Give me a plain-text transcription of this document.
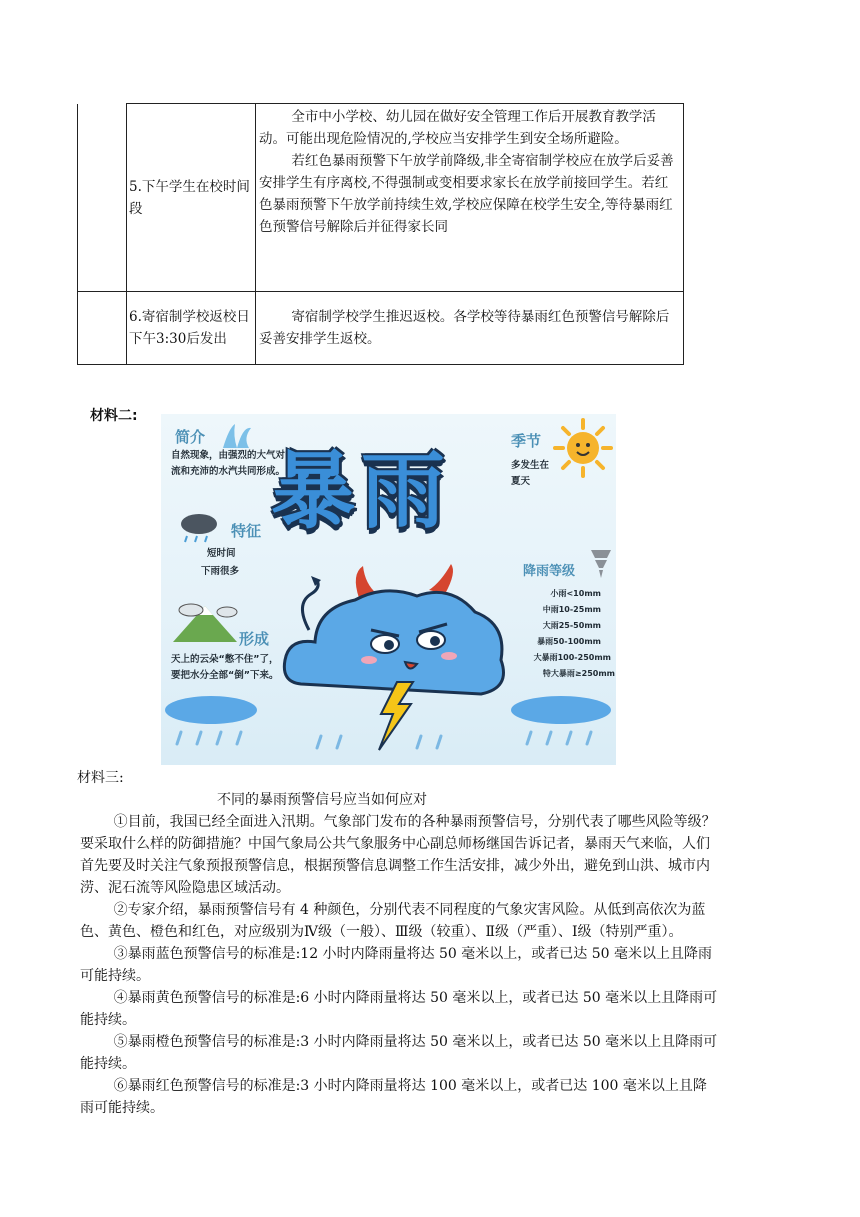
	5.下午学生在校时间段	全市中小学校、幼儿园在做好安全管理工作后开展教育教学活动。可能出现危险情况的,学校应当安排学生到安全场所避险。

若红色暴雨预警下午放学前降级,非全寄宿制学校应在放学后妥善安排学生有序离校,不得强制或变相要求家长在放学前接回学生。若红色暴雨预警下午放学前持续生效,学校应保障在校学生安全,等待暴雨红色预警信号解除后并征得家长同

	6.寄宿制学校返校日下午3:30后发出	寄宿制学校学生推迟返校。各学校等待暴雨红色预警信号解除后妥善安排学生返校。

材料二:
暴雨
简介
自然现象，由强烈的大气对流和充沛的水汽共同形成。
季节
多发生在夏天
特征
短时间
下雨很多
形成
天上的云朵“憋不住”了，要把水分全部“倒”下来。
降雨等级
小雨<10mm
中雨10-25mm
大雨25-50mm
暴雨50-100mm
大暴雨100-250mm
特大暴雨≥250mm

材料三:

不同的暴雨预警信号应当如何应对

①目前，我国已经全面进入汛期。气象部门发布的各种暴雨预警信号，分别代表了哪些风险等级？要采取什么样的防御措施？中国气象局公共气象服务中心副总师杨继国告诉记者，暴雨天气来临，人们首先要及时关注气象预报预警信息，根据预警信息调整工作生活安排，减少外出，避免到山洪、城市内涝、泥石流等风险隐患区域活动。

②专家介绍，暴雨预警信号有 4 种颜色，分别代表不同程度的气象灾害风险。从低到高依次为蓝色、黄色、橙色和红色，对应级别为Ⅳ级（一般）、Ⅲ级（较重）、Ⅱ级（严重）、Ⅰ级（特别严重）。

③暴雨蓝色预警信号的标准是:12 小时内降雨量将达 50 毫米以上，或者已达 50 毫米以上且降雨可能持续。

④暴雨黄色预警信号的标准是:6 小时内降雨量将达 50 毫米以上，或者已达 50 毫米以上且降雨可能持续。

⑤暴雨橙色预警信号的标准是:3 小时内降雨量将达 50 毫米以上，或者已达 50 毫米以上且降雨可能持续。

⑥暴雨红色预警信号的标准是:3 小时内降雨量将达 100 毫米以上，或者已达 100 毫米以上且降雨可能持续。
